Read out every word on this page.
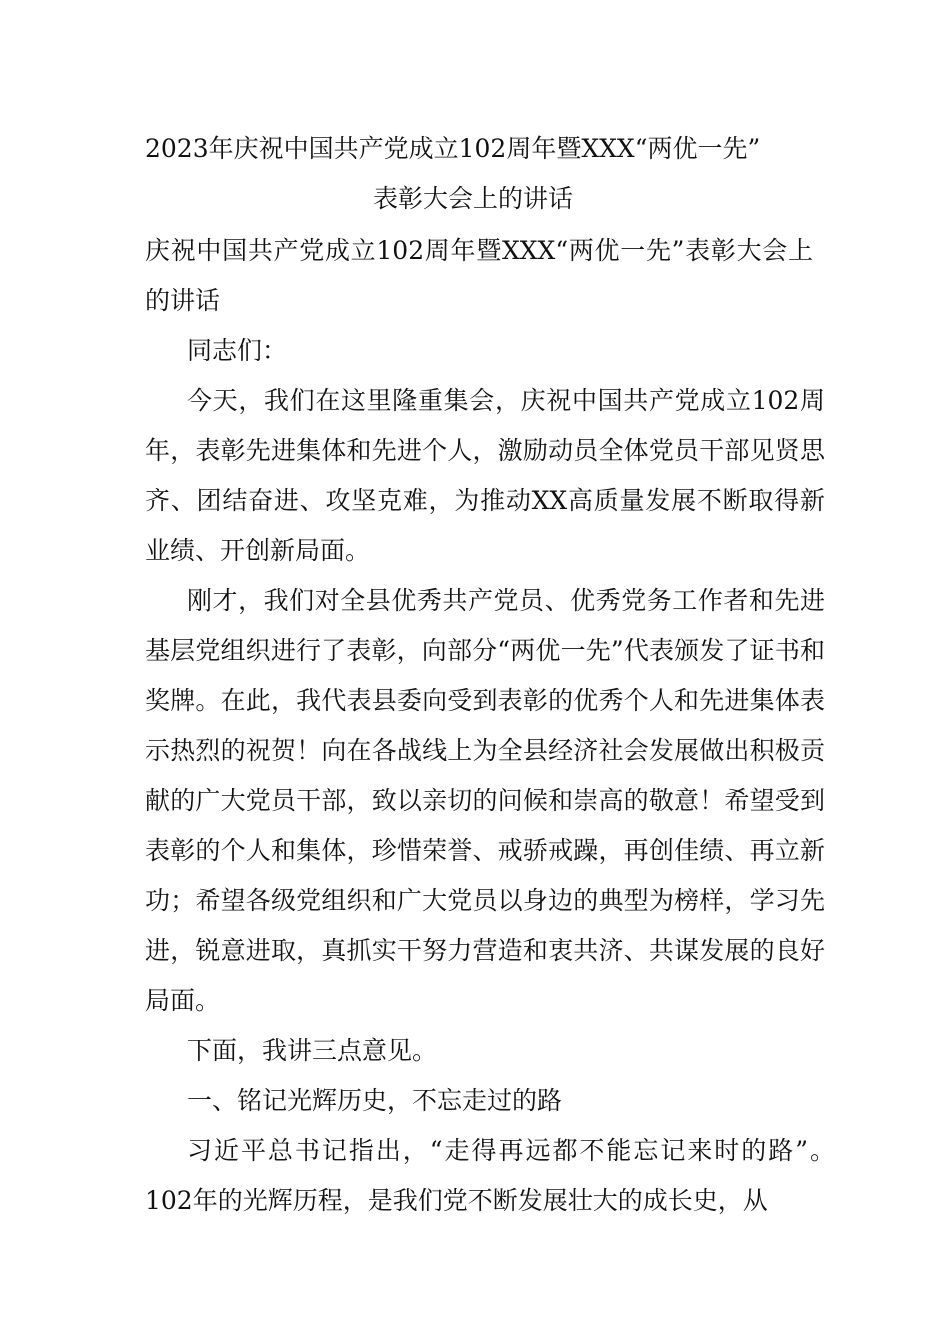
2023年庆祝中国共产党成立102周年暨XXX“两优一先”
表彰大会上的讲话

庆祝中国共产党成立102周年暨XXX“两优一先”表彰大会上的讲话

同志们：

今天，我们在这里隆重集会，庆祝中国共产党成立102周年，表彰先进集体和先进个人，激励动员全体党员干部见贤思齐、团结奋进、攻坚克难，为推动XX高质量发展不断取得新业绩、开创新局面。

刚才，我们对全县优秀共产党员、优秀党务工作者和先进基层党组织进行了表彰，向部分“两优一先”代表颁发了证书和奖牌。在此，我代表县委向受到表彰的优秀个人和先进集体表示热烈的祝贺！向在各战线上为全县经济社会发展做出积极贡献的广大党员干部，致以亲切的问候和崇高的敬意！希望受到表彰的个人和集体，珍惜荣誉、戒骄戒躁，再创佳绩、再立新功；希望各级党组织和广大党员以身边的典型为榜样，学习先进，锐意进取，真抓实干努力营造和衷共济、共谋发展的良好局面。

下面，我讲三点意见。

一、铭记光辉历史，不忘走过的路

习近平总书记指出，“走得再远都不能忘记来时的路”。102年的光辉历程，是我们党不断发展壮大的成长史，从
